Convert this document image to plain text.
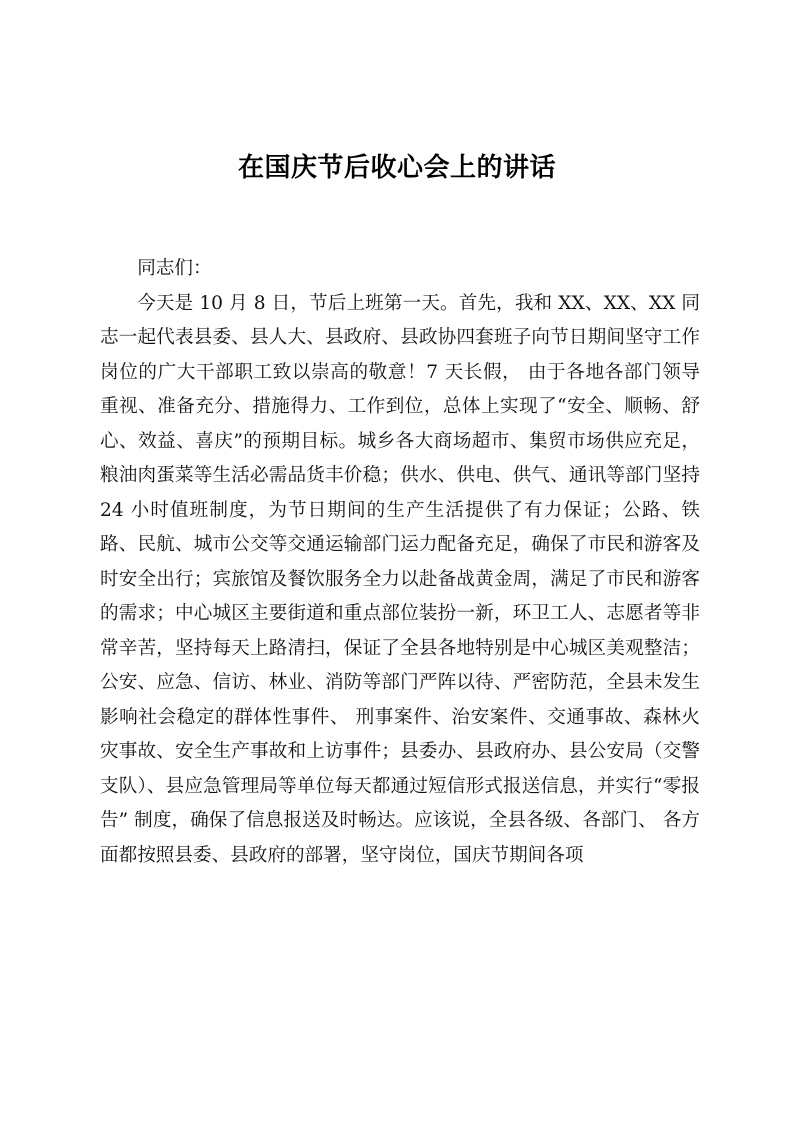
在国庆节后收心会上的讲话

同志们：

今天是 10 月 8 日，节后上班第一天。首先，我和 XX、XX、XX 同志一起代表县委、县人大、县政府、县政协四套班子向节日期间坚守工作岗位的广大干部职工致以崇高的敬意！7 天长假， 由于各地各部门领导重视、准备充分、措施得力、工作到位，总体上实现了“安全、顺畅、舒心、效益、喜庆”的预期目标。城乡各大商场超市、集贸市场供应充足，粮油肉蛋菜等生活必需品货丰价稳；供水、供电、供气、通讯等部门坚持 24 小时值班制度，为节日期间的生产生活提供了有力保证；公路、铁路、民航、城市公交等交通运输部门运力配备充足，确保了市民和游客及时安全出行；宾旅馆及餐饮服务全力以赴备战黄金周，满足了市民和游客的需求；中心城区主要街道和重点部位装扮一新，环卫工人、志愿者等非常辛苦，坚持每天上路清扫，保证了全县各地特别是中心城区美观整洁；公安、应急、信访、林业、消防等部门严阵以待、严密防范，全县未发生影响社会稳定的群体性事件、 刑事案件、治安案件、交通事故、森林火灾事故、安全生产事故和上访事件；县委办、县政府办、县公安局（交警支队）、县应急管理局等单位每天都通过短信形式报送信息，并实行“零报告” 制度，确保了信息报送及时畅达。应该说，全县各级、各部门、 各方面都按照县委、县政府的部署，坚守岗位，国庆节期间各项
